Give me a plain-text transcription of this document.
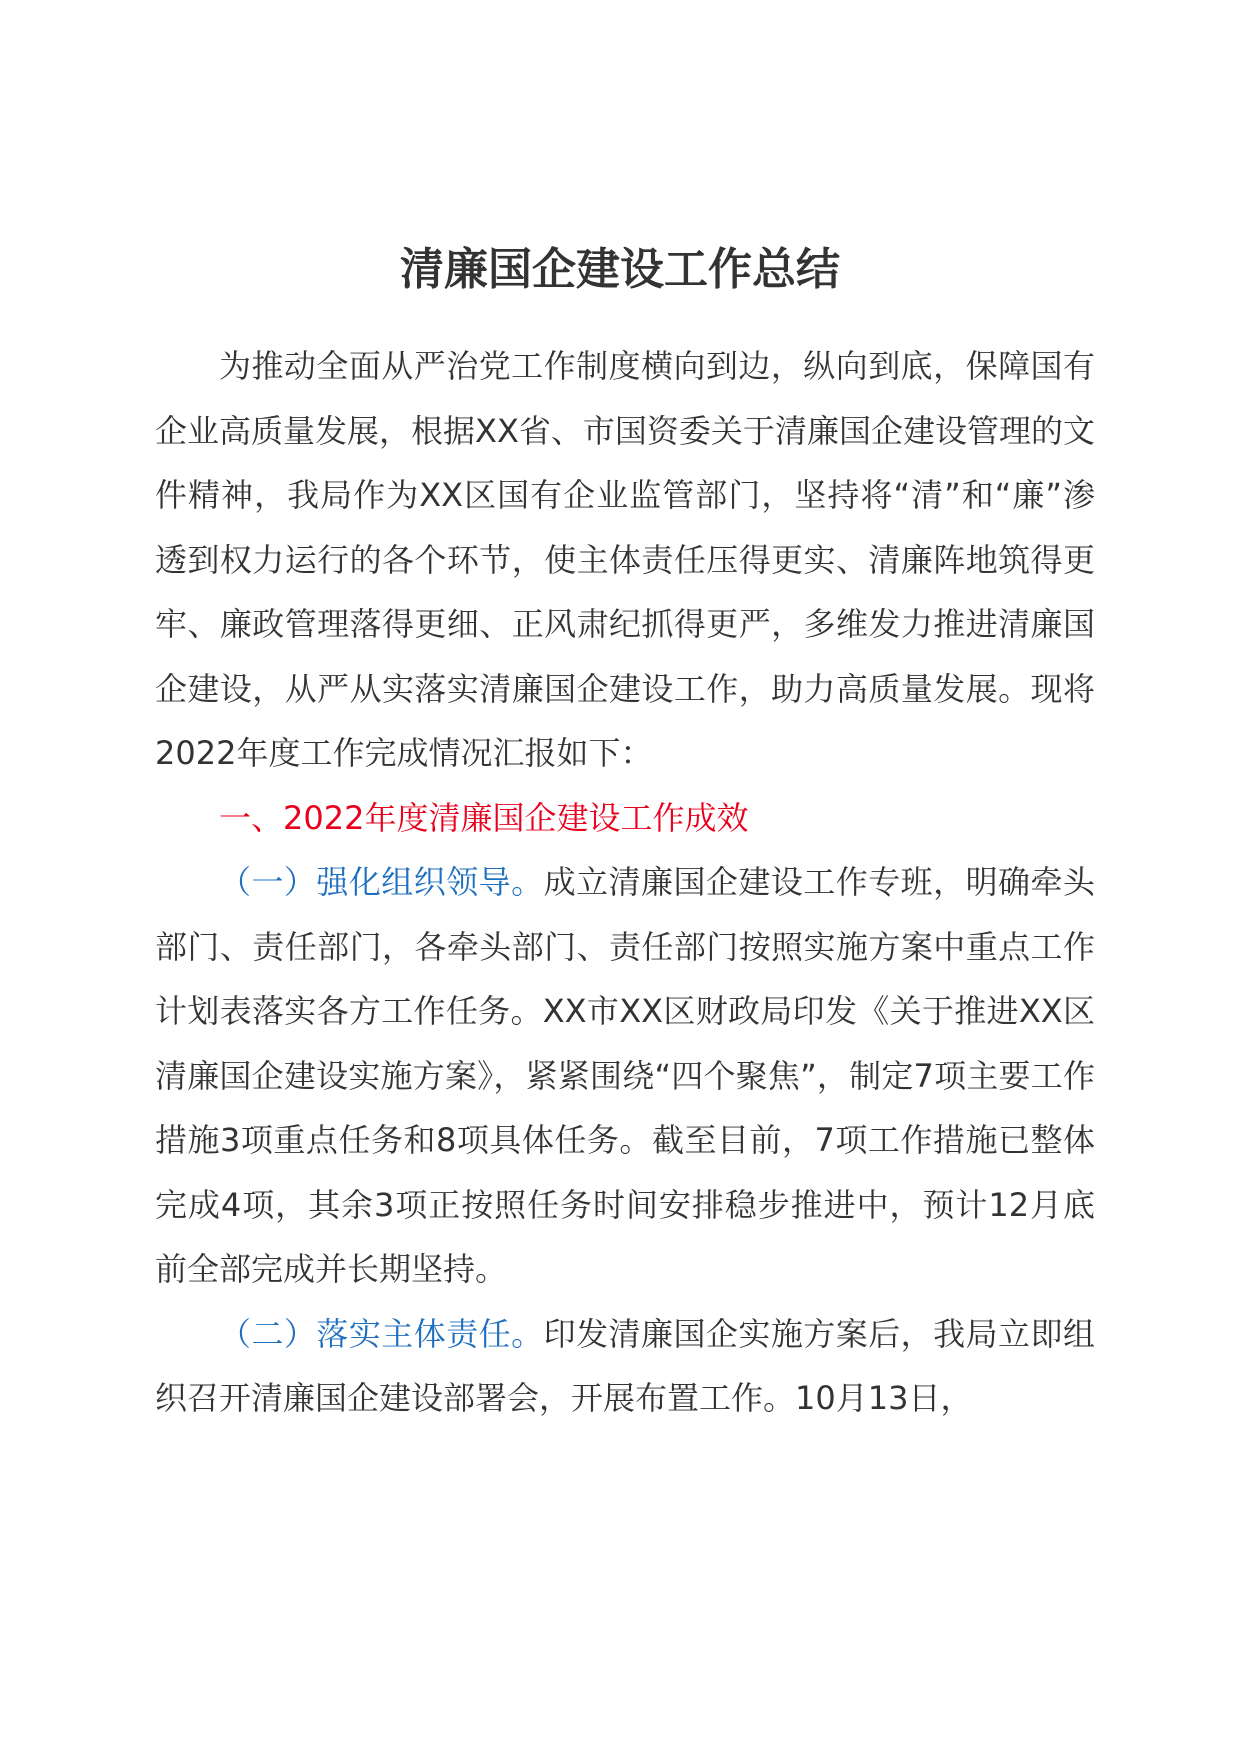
清廉国企建设工作总结

为推动全面从严治党工作制度横向到边，纵向到底，保障国有企业高质量发展，根据XX省、市国资委关于清廉国企建设管理的文件精神，我局作为XX区国有企业监管部门，坚持将“清”和“廉”渗透到权力运行的各个环节，使主体责任压得更实、清廉阵地筑得更牢、廉政管理落得更细、正风肃纪抓得更严，多维发力推进清廉国企建设，从严从实落实清廉国企建设工作，助力高质量发展。现将2022年度工作完成情况汇报如下：

一、2022年度清廉国企建设工作成效

（一）强化组织领导。成立清廉国企建设工作专班，明确牵头部门、责任部门，各牵头部门、责任部门按照实施方案中重点工作计划表落实各方工作任务。XX市XX区财政局印发《关于推进XX区清廉国企建设实施方案》，紧紧围绕“四个聚焦”，制定7项主要工作措施3项重点任务和8项具体任务。截至目前，7项工作措施已整体完成4项，其余3项正按照任务时间安排稳步推进中，预计12月底前全部完成并长期坚持。

（二）落实主体责任。印发清廉国企实施方案后，我局立即组织召开清廉国企建设部署会，开展布置工作。10月13日，
